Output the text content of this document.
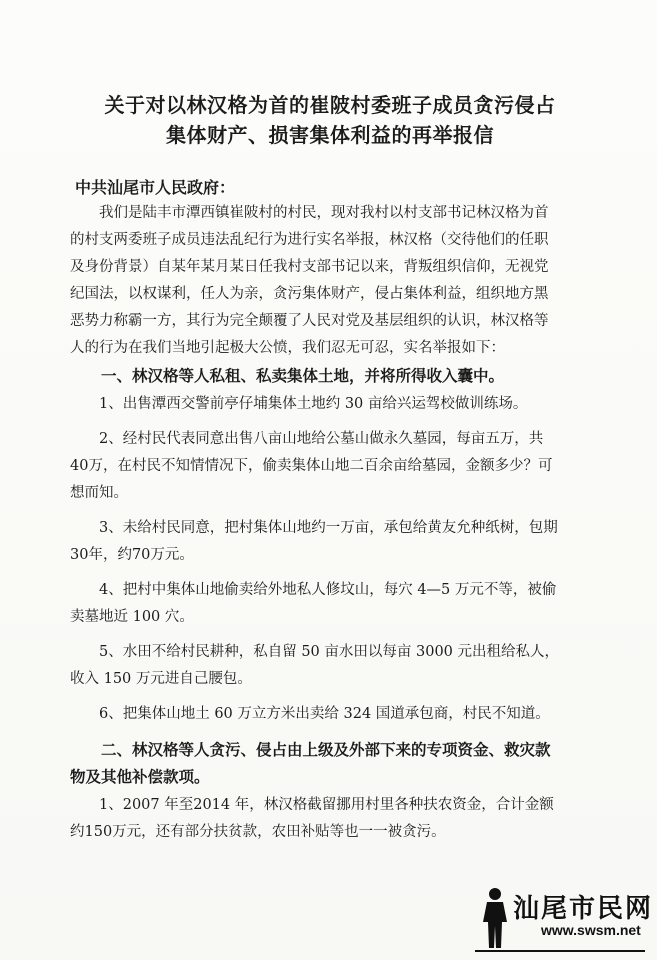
关于对以林汉格为首的崔陂村委班子成员贪污侵占
集体财产、损害集体利益的再举报信
中共汕尾市人民政府：

我们是陆丰市潭西镇崔陂村的村民，现对我村以村支部书记林汉格为首的村支两委班子成员违法乱纪行为进行实名举报，林汉格（交待他们的任职及身份背景）自某年某月某日任我村支部书记以来，背叛组织信仰，无视党纪国法，以权谋利，任人为亲，贪污集体财产，侵占集体利益，组织地方黑恶势力称霸一方，其行为完全颠覆了人民对党及基层组织的认识，林汉格等人的行为在我们当地引起极大公愤，我们忍无可忍，实名举报如下：

一、林汉格等人私租、私卖集体土地，并将所得收入囊中。

1、出售潭西交警前亭仔埔集体土地约 30 亩给兴运驾校做训练场。

2、经村民代表同意出售八亩山地给公墓山做永久墓园，每亩五万，共40万，在村民不知情情况下，偷卖集体山地二百余亩给墓园，金额多少？可想而知。

3、未给村民同意，把村集体山地约一万亩，承包给黄友允种纸树，包期30年，约70万元。

4、把村中集体山地偷卖给外地私人修坟山，每穴 4—5 万元不等，被偷卖墓地近 100 穴。

5、水田不给村民耕种，私自留 50 亩水田以每亩 3000 元出租给私人，收入 150 万元进自己腰包。

6、把集体山地土 60 万立方米出卖给 324 国道承包商，村民不知道。

二、林汉格等人贪污、侵占由上级及外部下来的专项资金、救灾款物及其他补偿款项。

1、2007 年至2014 年，林汉格截留挪用村里各种扶农资金，合计金额约150万元，还有部分扶贫款，农田补贴等也一一被贪污。

汕尾市民网
www.swsm.net
